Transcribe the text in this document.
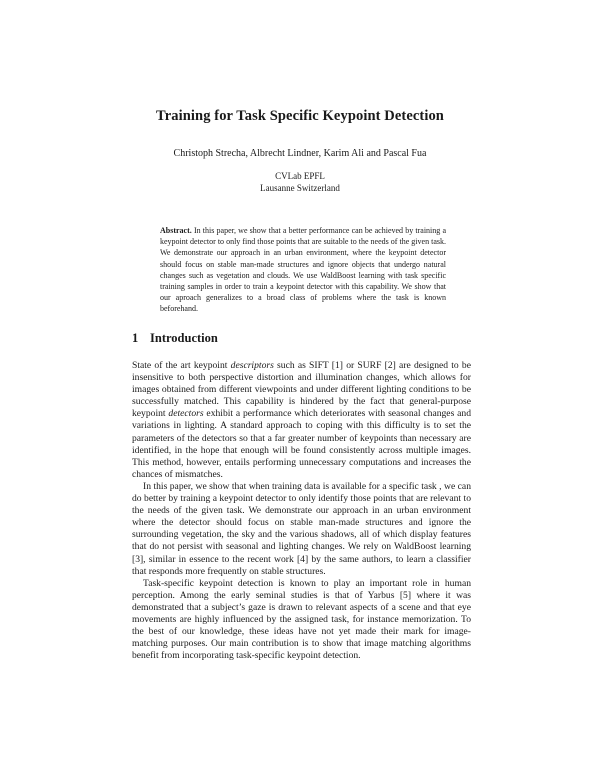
Training for Task Specific Keypoint Detection
Christoph Strecha, Albrecht Lindner, Karim Ali and Pascal Fua
CVLab EPFL
Lausanne Switzerland
Abstract. In this paper, we show that a better performance can be achieved by training a keypoint detector to only find those points that are suitable to the needs of the given task. We demonstrate our approach in an urban environment, where the keypoint detector should focus on stable man-made structures and ignore objects that undergo natural changes such as vegetation and clouds. We use WaldBoost learning with task specific training samples in order to train a keypoint detector with this capability. We show that our aproach generalizes to a broad class of problems where the task is known beforehand.
1 Introduction

State of the art keypoint descriptors such as SIFT [1] or SURF [2] are designed to be insensitive to both perspective distortion and illumination changes, which allows for images obtained from different viewpoints and under different lighting conditions to be successfully matched. This capability is hindered by the fact that general-purpose keypoint detectors exhibit a performance which deteriorates with seasonal changes and variations in lighting. A standard approach to coping with this difficulty is to set the parameters of the detectors so that a far greater number of keypoints than necessary are identified, in the hope that enough will be found consistently across multiple images. This method, however, entails performing unnecessary computations and increases the chances of mismatches.

In this paper, we show that when training data is available for a specific task , we can do better by training a keypoint detector to only identify those points that are relevant to the needs of the given task. We demonstrate our approach in an urban environment where the detector should focus on stable man-made structures and ignore the surrounding vegetation, the sky and the various shadows, all of which display features that do not persist with seasonal and lighting changes. We rely on WaldBoost learning [3], similar in essence to the recent work [4] by the same authors, to learn a classifier that responds more frequently on stable structures.

Task-specific keypoint detection is known to play an important role in human perception. Among the early seminal studies is that of Yarbus [5] where it was demonstrated that a subject’s gaze is drawn to relevant aspects of a scene and that eye movements are highly influenced by the assigned task, for instance memorization. To the best of our knowledge, these ideas have not yet made their mark for image-matching purposes. Our main contribution is to show that image matching algorithms benefit from incorporating task-specific keypoint detection.
